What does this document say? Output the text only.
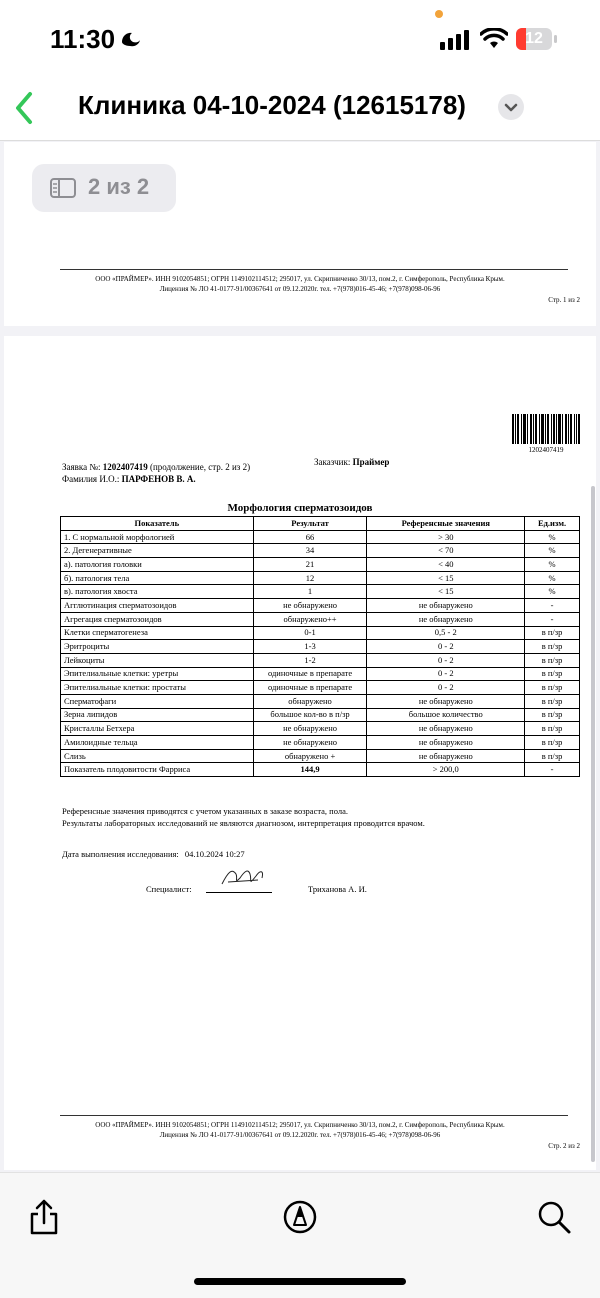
11:30	12
Клиника 04-10-2024 (12615178)
2 из 2
ООО «ПРАЙМЕР». ИНН 9102054851; ОГРН 1149102114512; 295017, ул. Скрипниченко 30/13, пом.2, г. Симферополь, Республика Крым.
Лицензия № ЛО 41-0177-91/00367641 от 09.12.2020г. тел. +7(978)016-45-46; +7(978)098-06-96
Стр. 1 из 2
1202407419
Заявка №: 1202407419 (продолжение, стр. 2 из 2)	Заказчик: Праймер
Фамилия И.О.: ПАРФЕНОВ В. А.
Морфология сперматозоидов
Показатель	Результат	Референсные значения	Ед.изм.
1. С нормальной морфологией	66	> 30	%
2. Дегенеративные	34	< 70	%
а). патология головки	21	< 40	%
б). патология тела	12	< 15	%
в). патология хвоста	1	< 15	%
Агглютинация сперматозоидов	не обнаружено	не обнаружено	-
Агрегация сперматозоидов	обнаружено++	не обнаружено	-
Клетки сперматогенеза	0-1	0,5 - 2	в п/зр
Эритроциты	1-3	0 - 2	в п/зр
Лейкоциты	1-2	0 - 2	в п/зр
Эпителиальные клетки: уретры	одиночные в препарате	0 - 2	в п/зр
Эпителиальные клетки: простаты	одиночные в препарате	0 - 2	в п/зр
Сперматофаги	обнаружено	не обнаружено	в п/зр
Зерна липидов	большое кол-во в п/зр	большое количество	в п/зр
Кристаллы Бетхера	не обнаружено	не обнаружено	в п/зр
Амилоидные тельца	не обнаружено	не обнаружено	в п/зр
Слизь	обнаружено +	не обнаружено	в п/зр
Показатель плодовитости Фарриса	144,9	> 200,0	-
Референсные значения приводятся с учетом указанных в заказе возраста, пола.
Результаты лабораторных исследований не являются диагнозом, интерпретация проводится врачом.
Дата выполнения исследования: 04.10.2024 10:27
Специалист:	Триханова А. И.
ООО «ПРАЙМЕР». ИНН 9102054851; ОГРН 1149102114512; 295017, ул. Скрипниченко 30/13, пом.2, г. Симферополь, Республика Крым.
Лицензия № ЛО 41-0177-91/00367641 от 09.12.2020г. тел. +7(978)016-45-46; +7(978)098-06-96
Стр. 2 из 2
